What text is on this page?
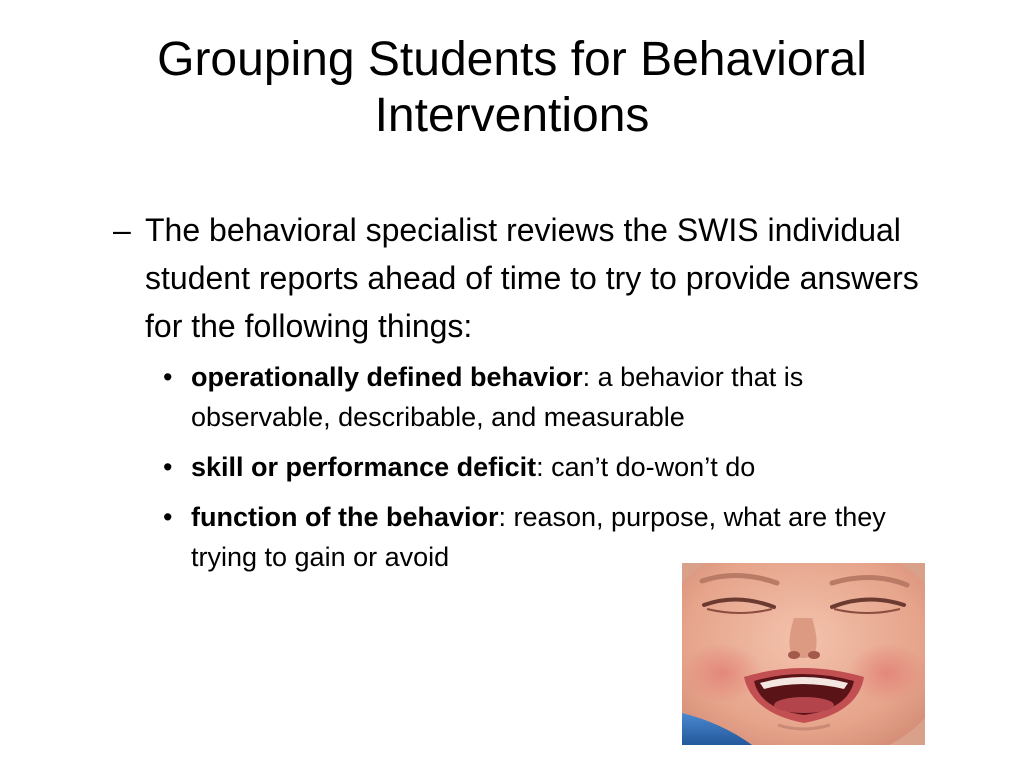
Grouping Students for Behavioral Interventions
– The behavioral specialist reviews the SWIS individual student reports ahead of time to try to provide answers for the following things:
• operationally defined behavior: a behavior that is observable, describable, and measurable
• skill or performance deficit: can’t do-won’t do
• function of the behavior: reason, purpose, what are they trying to gain or avoid
